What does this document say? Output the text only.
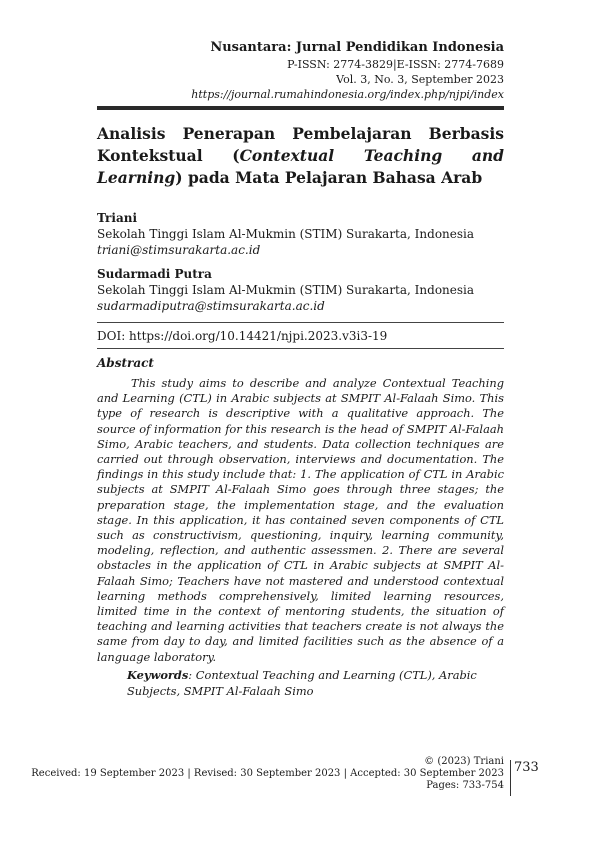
Nusantara: Jurnal Pendidikan Indonesia
P-ISSN: 2774-3829|E-ISSN: 2774-7689
Vol. 3, No. 3, September 2023
https://journal.rumahindonesia.org/index.php/njpi/index
Analisis Penerapan Pembelajaran Berbasis Kontekstual (Contextual Teaching and Learning) pada Mata Pelajaran Bahasa Arab
Triani
Sekolah Tinggi Islam Al-Mukmin (STIM) Surakarta, Indonesia
triani@stimsurakarta.ac.id
Sudarmadi Putra
Sekolah Tinggi Islam Al-Mukmin (STIM) Surakarta, Indonesia
sudarmadiputra@stimsurakarta.ac.id
DOI: https://doi.org/10.14421/njpi.2023.v3i3-19
Abstract

This study aims to describe and analyze Contextual Teaching and Learning (CTL) in Arabic subjects at SMPIT Al-Falaah Simo. This type of research is descriptive with a qualitative approach. The source of information for this research is the head of SMPIT Al-Falaah Simo, Arabic teachers, and students. Data collection techniques are carried out through observation, interviews and documentation. The findings in this study include that: 1. The application of CTL in Arabic subjects at SMPIT Al-Falaah Simo goes through three stages; the preparation stage, the implementation stage, and the evaluation stage. In this application, it has contained seven components of CTL such as constructivism, questioning, inquiry, learning community, modeling, reflection, and authentic assessmen. 2. There are several obstacles in the application of CTL in Arabic subjects at SMPIT Al-Falaah Simo; Teachers have not mastered and understood contextual learning methods comprehensively, limited learning resources, limited time in the context of mentoring students, the situation of teaching and learning activities that teachers create is not always the same from day to day, and limited facilities such as the absence of a language laboratory.

Keywords: Contextual Teaching and Learning (CTL), Arabic Subjects, SMPIT Al-Falaah Simo

© (2023) Triani
Received: 19 September 2023 | Revised: 30 September 2023 | Accepted: 30 September 2023
Pages: 733-754
733
